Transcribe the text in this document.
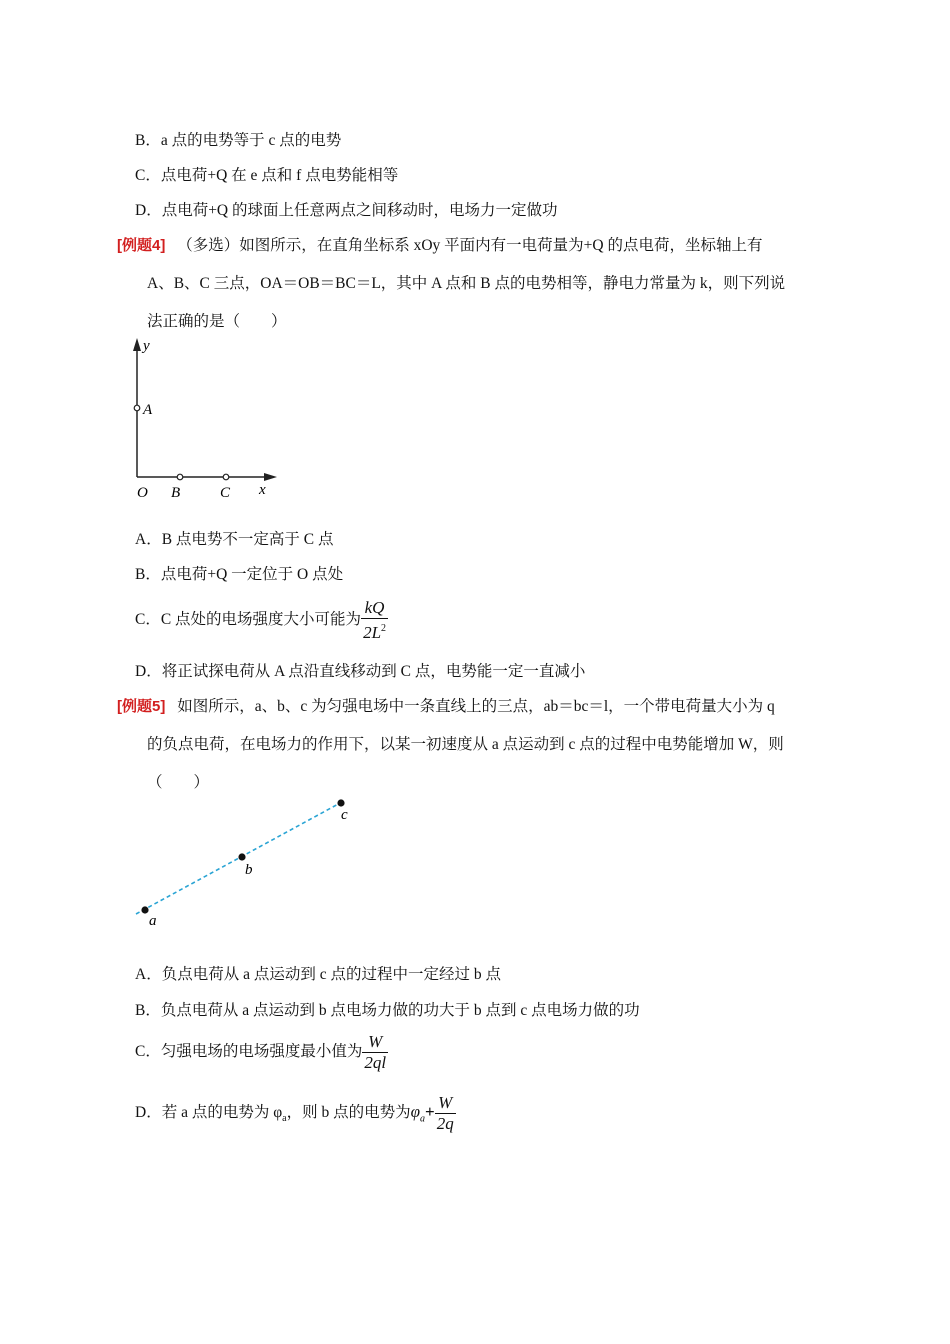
B．a 点的电势等于 c 点的电势
C．点电荷+Q 在 e 点和 f 点电势能相等
D．点电荷+Q 的球面上任意两点之间移动时，电场力一定做功
[例题4] （多选）如图所示，在直角坐标系 xOy 平面内有一电荷量为+Q 的点电荷，坐标轴上有
A、B、C 三点，OA＝OB＝BC＝L，其中 A 点和 B 点的电势相等，静电力常量为 k，则下列说
法正确的是（　　）
y
A
O B	C x
A．B 点电势不一定高于 C 点
B．点电荷+Q 一定位于 O 点处
C．C 点处的电场强度大小可能为 $\frac{kQ}{2L^2}$
D．将正试探电荷从 A 点沿直线移动到 C 点，电势能一定一直减小
[例题5] 如图所示，a、b、c 为匀强电场中一条直线上的三点，ab＝bc＝l，一个带电荷量大小为 q
的负点电荷，在电场力的作用下，以某一初速度从 a 点运动到 c 点的过程中电势能增加 W，则
（　　）
a
b
c
A．负点电荷从 a 点运动到 c 点的过程中一定经过 b 点
B．负点电荷从 a 点运动到 b 点电场力做的功大于 b 点到 c 点电场力做的功
C．匀强电场的电场强度最小值为 $\frac{W}{2ql}$
D．若 a 点的电势为 $\varphi_a$，则 b 点的电势为$\varphi_a+ \frac{W}{2q}$
